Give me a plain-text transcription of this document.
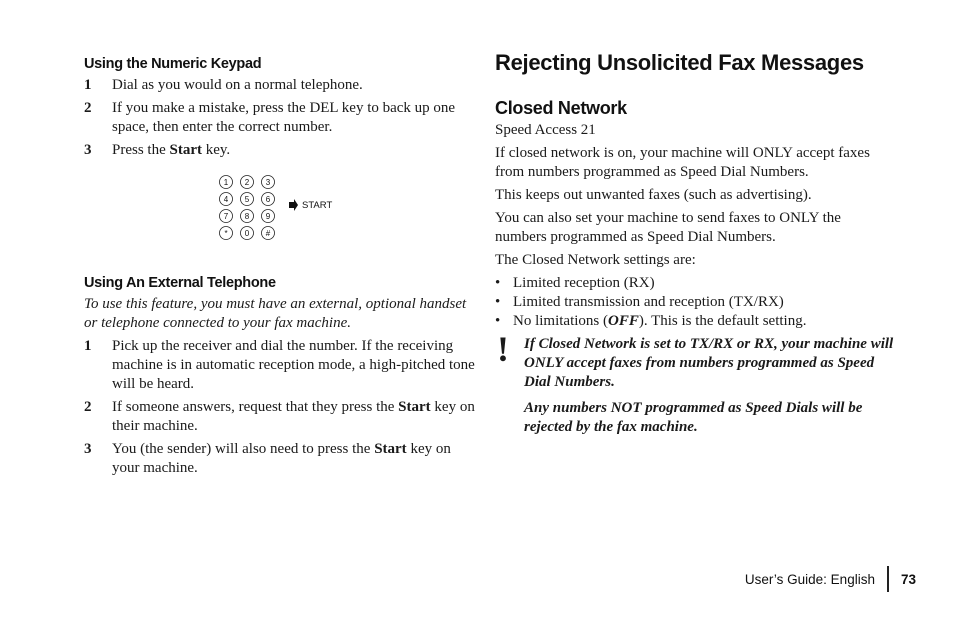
Using the Numeric Keypad
1	Dial as you would on a normal telephone.
2	If you make a mistake, press the DEL key to back up one space, then enter the correct number.
3	Press the Start key.
1 2 3
4 5 6
7 8 9
* 0 #
START
Using An External Telephone

To use this feature, you must have an external, optional handset or telephone connected to your fax machine.

1	Pick up the receiver and dial the number. If the receiving machine is in automatic reception mode, a high-pitched tone will be heard.
2	If someone answers, request that they press the Start key on their machine.
3	You (the sender) will also need to press the Start key on your machine.
Rejecting Unsolicited Fax Messages
Closed Network

Speed Access 21

If closed network is on, your machine will ONLY accept faxes from numbers programmed as Speed Dial Numbers.

This keeps out unwanted faxes (such as advertising).

You can also set your machine to send faxes to ONLY the numbers programmed as Speed Dial Numbers.

The Closed Network settings are:

• Limited reception (RX)
• Limited transmission and reception (TX/RX)
• No limitations (OFF). This is the default setting.
!	If Closed Network is set to TX/RX or RX, your machine will ONLY accept faxes from numbers programmed as Speed Dial Numbers.

Any numbers NOT programmed as Speed Dials will be rejected by the fax machine.

User’s Guide: English 73
